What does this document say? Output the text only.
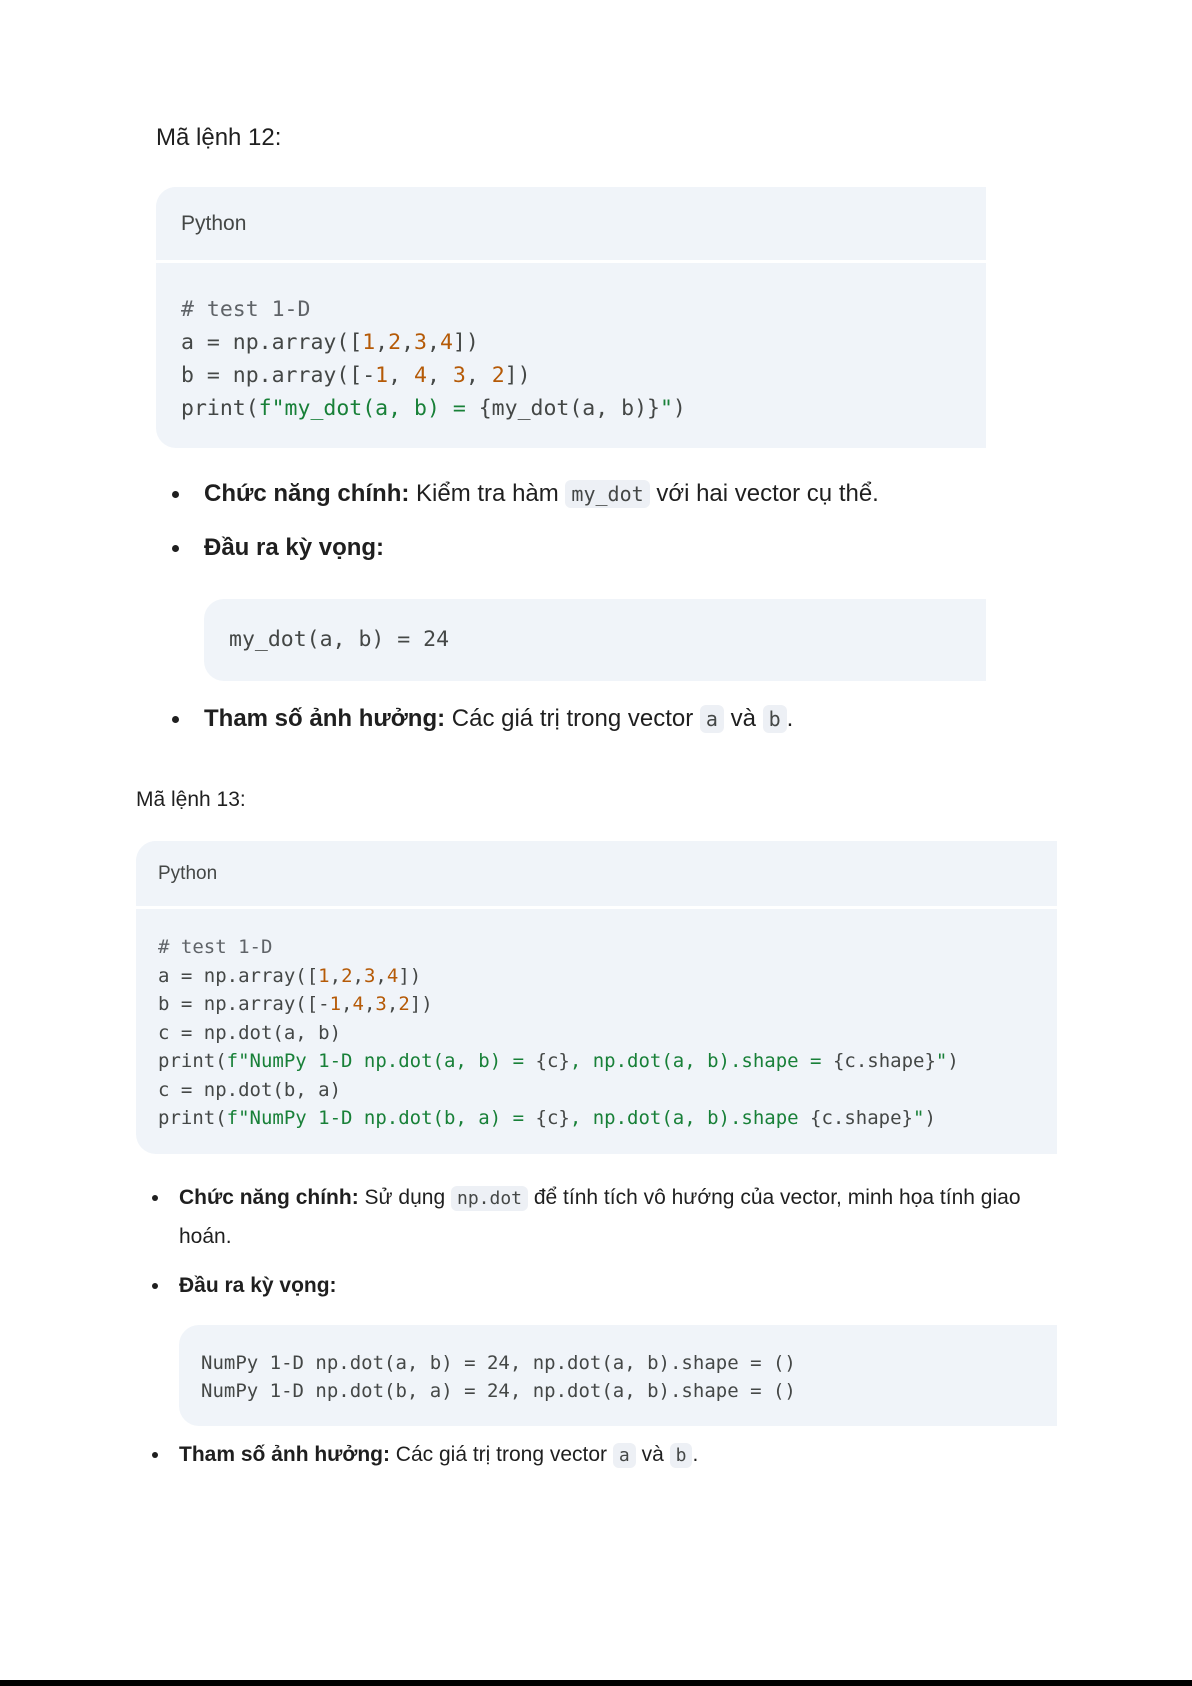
Mã lệnh 12:
Python
# test 1-D
a = np.array([1,2,3,4])
b = np.array([-1, 4, 3, 2])
print(f"my_dot(a, b) = {my_dot(a, b)}")
Chức năng chính: Kiểm tra hàm my_dot với hai vector cụ thể.
Đầu ra kỳ vọng:
Tham số ảnh hưởng: Các giá trị trong vector a và b .
my_dot(a, b) = 24
Mã lệnh 13:
Python
# test 1-D
a = np.array([1,2,3,4])
b = np.array([-1,4,3,2])
c = np.dot(a, b)
print(f"NumPy 1-D np.dot(a, b) = {c}, np.dot(a, b).shape = {c.shape}")
c = np.dot(b, a)
print(f"NumPy 1-D np.dot(b, a) = {c}, np.dot(a, b).shape {c.shape}")
Chức năng chính: Sử dụng np.dot để tính tích vô hướng của vector, minh họa tính giao hoán.
Đầu ra kỳ vọng:
Tham số ảnh hưởng: Các giá trị trong vector a và b .
NumPy 1-D np.dot(a, b) = 24, np.dot(a, b).shape = ()
NumPy 1-D np.dot(b, a) = 24, np.dot(a, b).shape = ()
